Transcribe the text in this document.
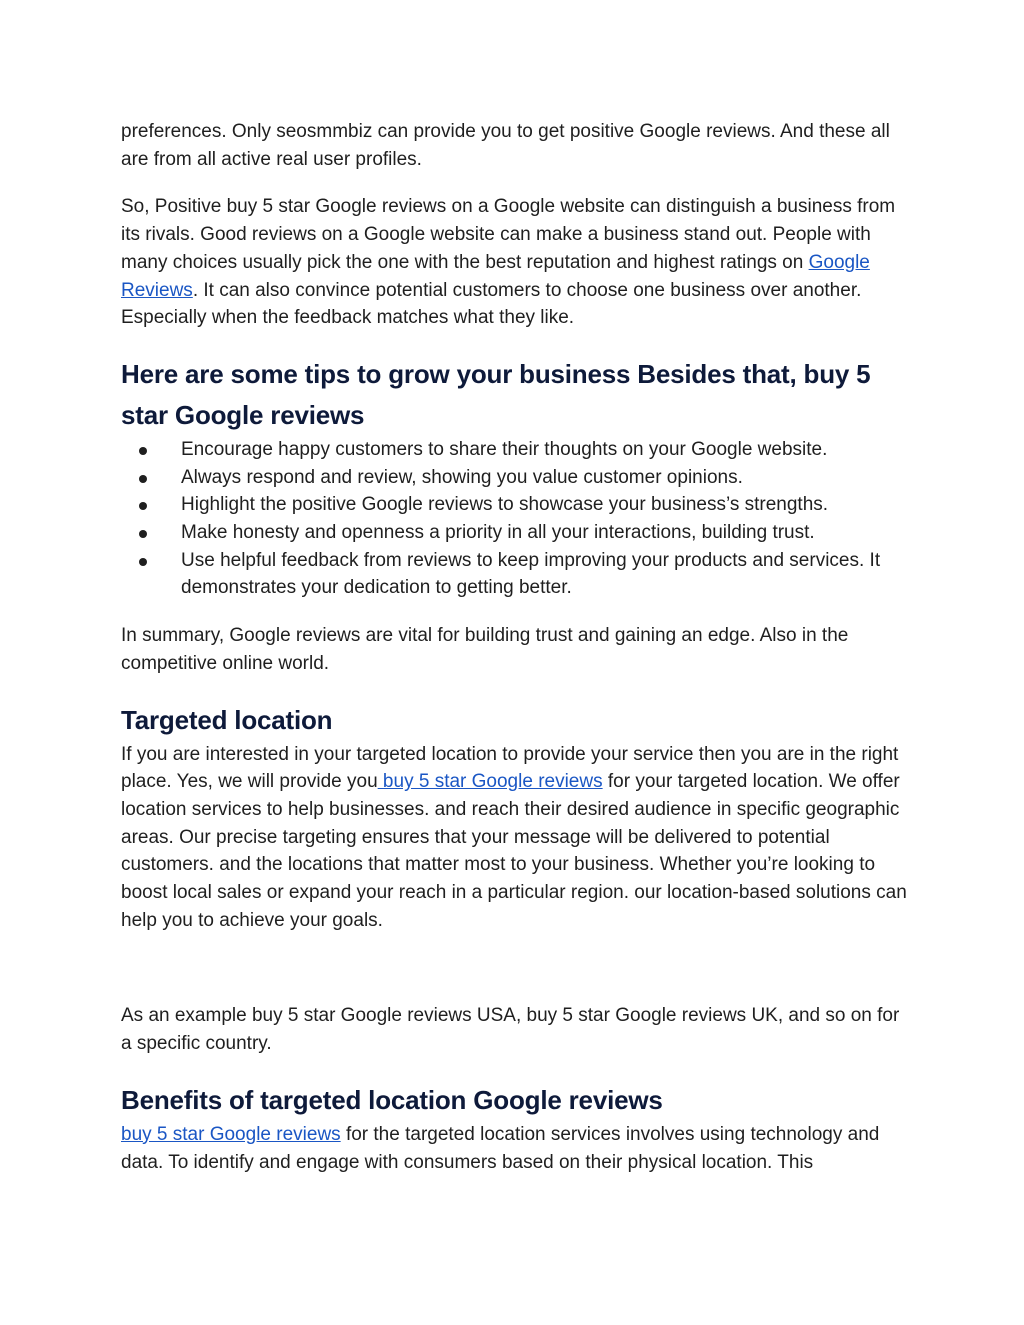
preferences. Only seosmmbiz can provide you to get positive Google reviews. And these all are from all active real user profiles.

So, Positive buy 5 star Google reviews on a Google website can distinguish a business from its rivals. Good reviews on a Google website can make a business stand out. People with many choices usually pick the one with the best reputation and highest ratings on Google Reviews. It can also convince potential customers to choose one business over another. Especially when the feedback matches what they like.

Here are some tips to grow your business Besides that, buy 5 star Google reviews
Encourage happy customers to share their thoughts on your Google website.
Always respond and review, showing you value customer opinions.
Highlight the positive Google reviews to showcase your business’s strengths.
Make honesty and openness a priority in all your interactions, building trust.
Use helpful feedback from reviews to keep improving your products and services. It demonstrates your dedication to getting better.

In summary, Google reviews are vital for building trust and gaining an edge. Also in the competitive online world.

Targeted location

If you are interested in your targeted location to provide your service then you are in the right place. Yes, we will provide you buy 5 star Google reviews for your targeted location. We offer location services to help businesses. and reach their desired audience in specific geographic areas. Our precise targeting ensures that your message will be delivered to potential customers. and the locations that matter most to your business. Whether you’re looking to boost local sales or expand your reach in a particular region. our location-based solutions can help you to achieve your goals.

As an example buy 5 star Google reviews USA, buy 5 star Google reviews UK, and so on for a specific country.

Benefits of targeted location Google reviews

buy 5 star Google reviews for the targeted location services involves using technology and data. To identify and engage with consumers based on their physical location. This
